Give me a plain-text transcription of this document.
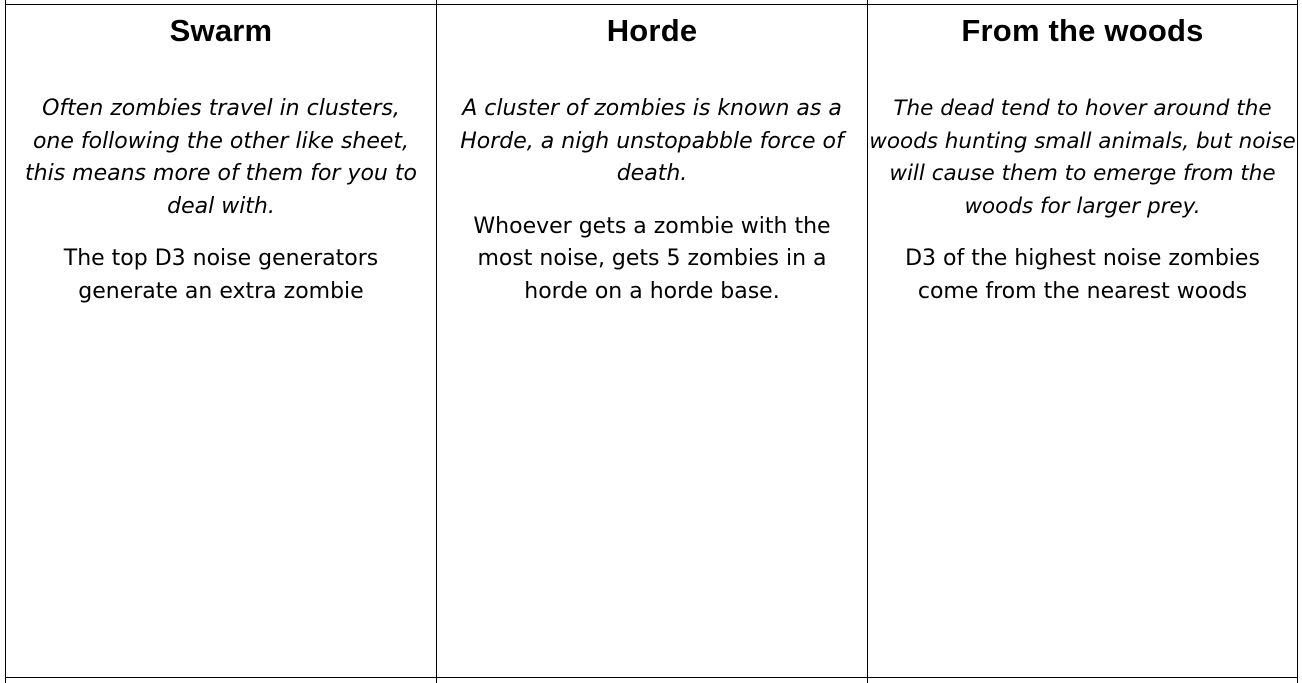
Swarm
Often zombies travel in clusters, one following the other like sheet, this means more of them for you to deal with.
The top D3 noise generators generate an extra zombie
Horde
A cluster of zombies is known as a Horde, a nigh unstopabble force of death.
Whoever gets a zombie with the most noise, gets 5 zombies in a horde on a horde base.
From the woods
The dead tend to hover around the woods hunting small animals, but noise will cause them to emerge from the woods for larger prey.
D3 of the highest noise zombies come from the nearest woods
